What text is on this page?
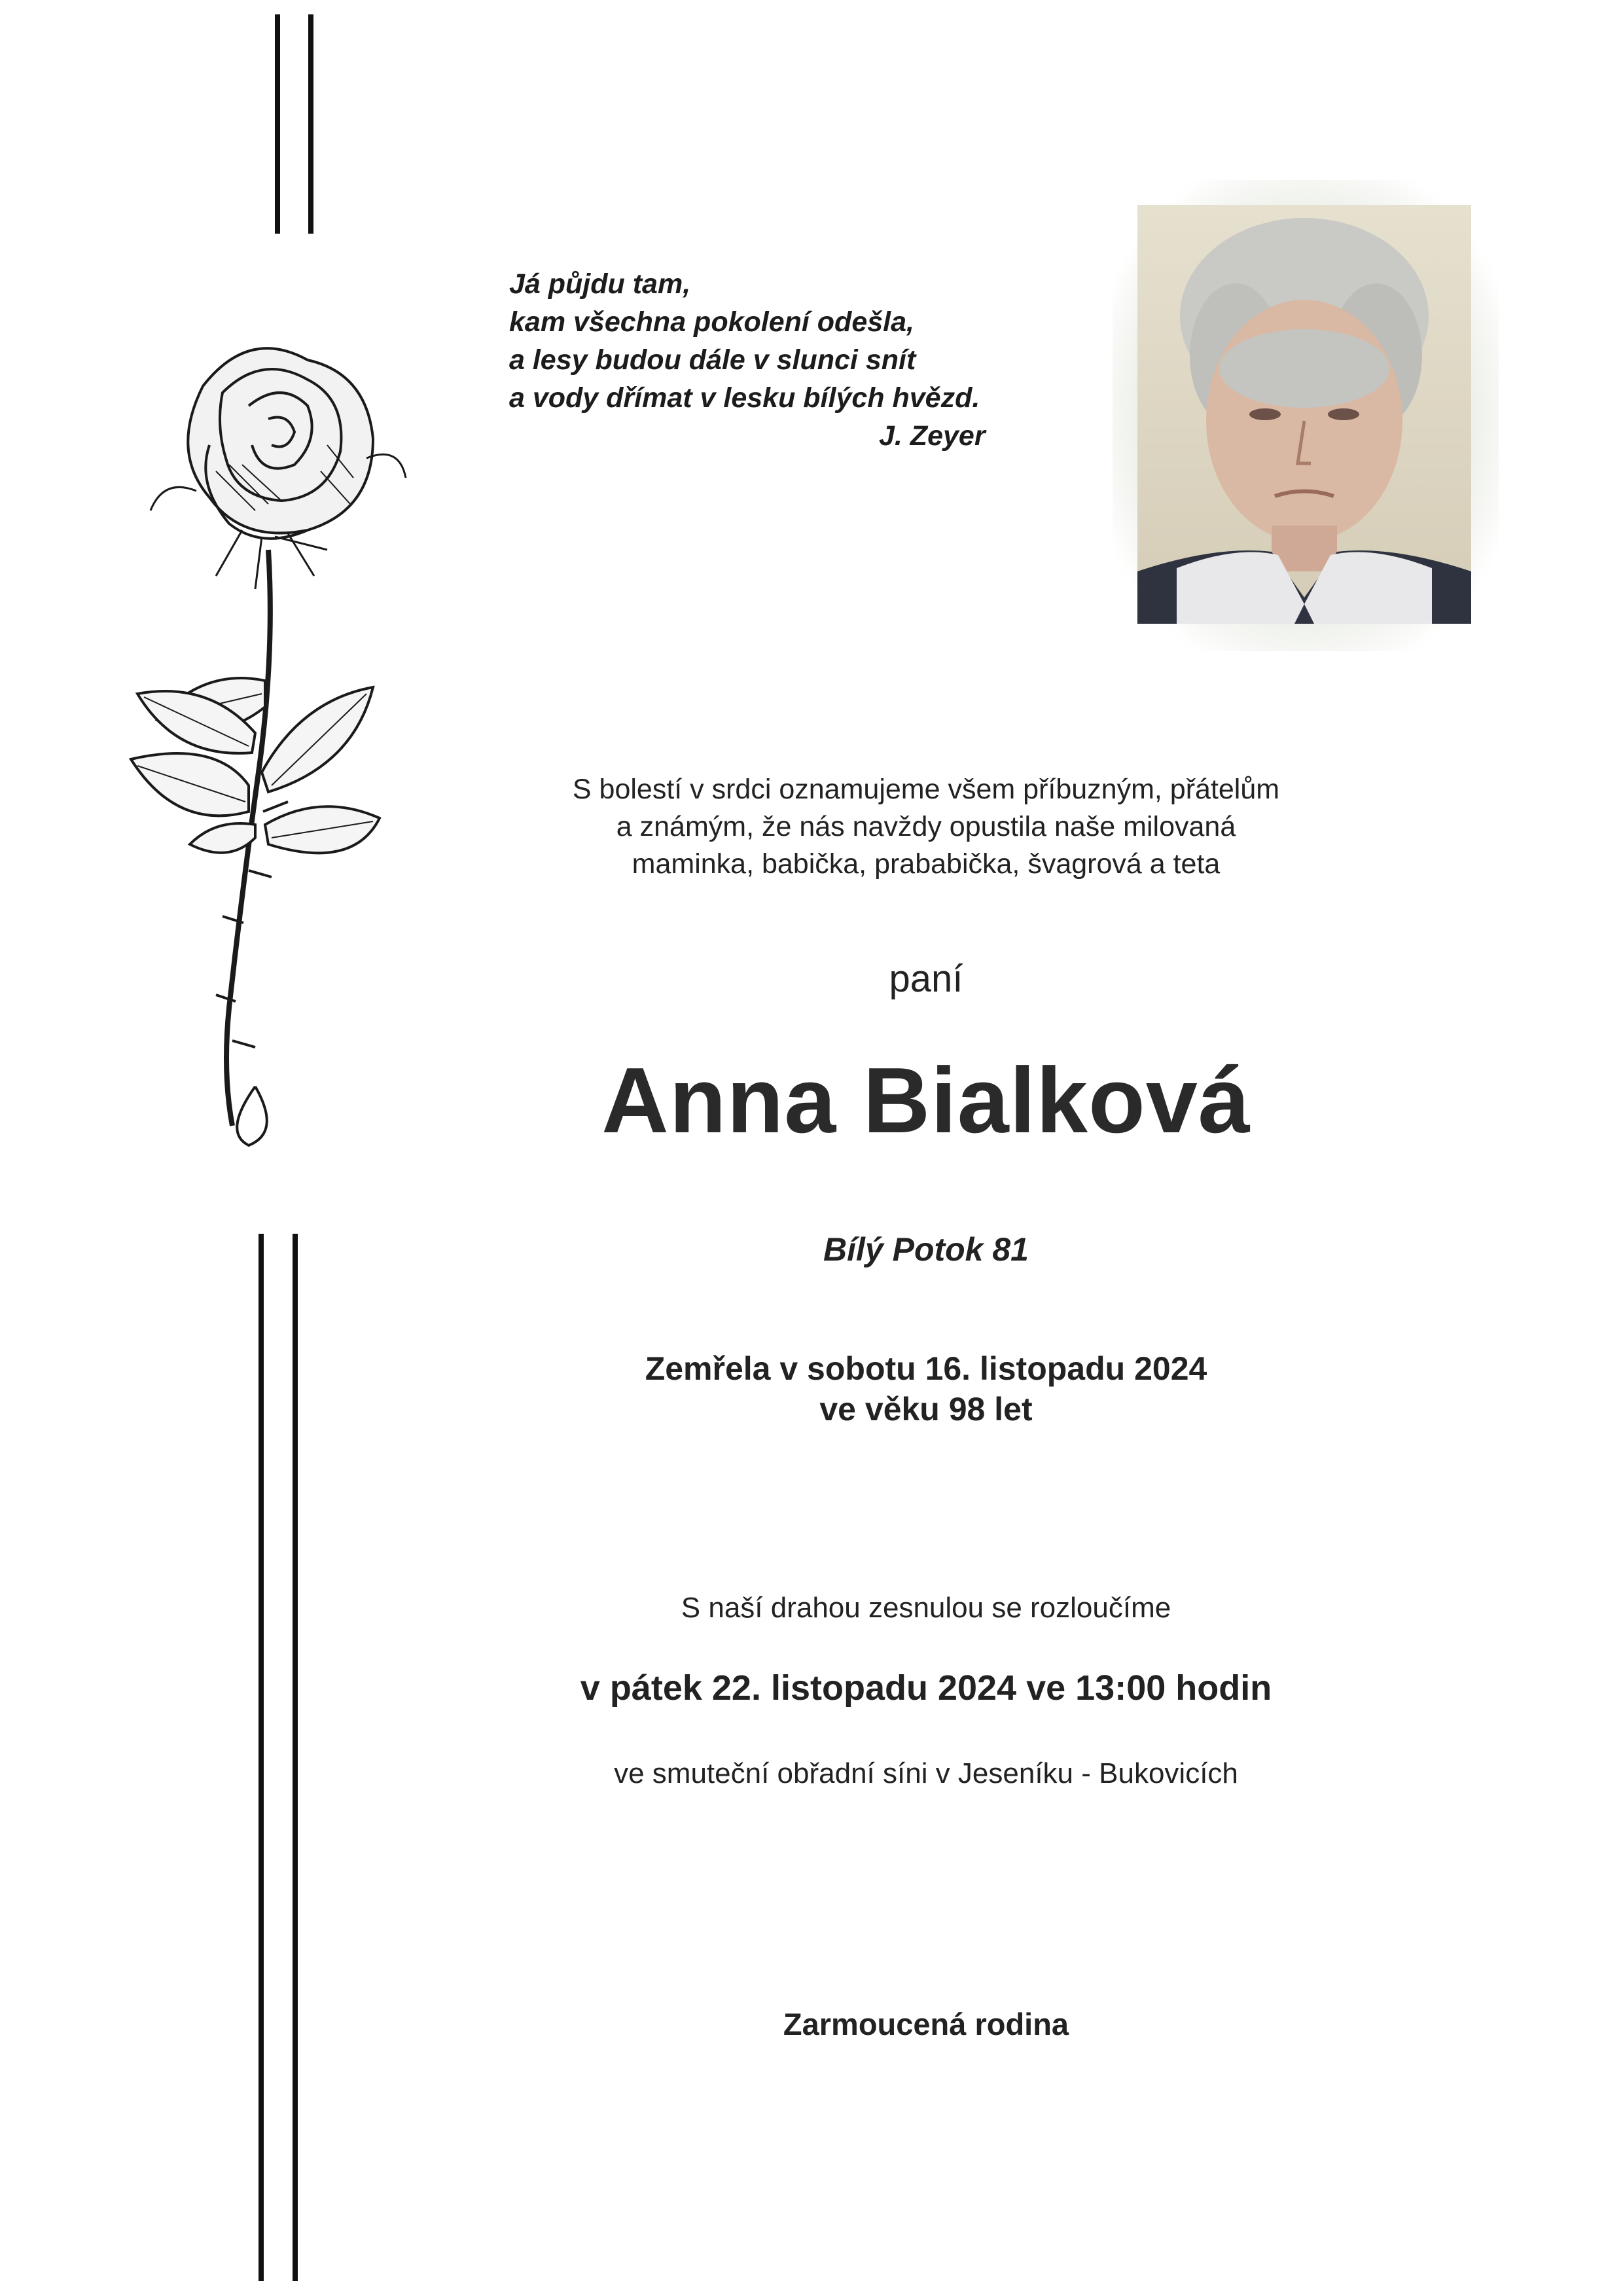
Já půjdu tam,
kam všechna pokolení odešla,
a lesy budou dále v slunci snít
a vody dřímat v lesku bílých hvězd.
J. Zeyer
S bolestí v srdci oznamujeme všem příbuzným, přátelům
a známým, že nás navždy opustila naše milovaná
maminka, babička, prababička, švagrová a teta
paní
Anna Bialková
Bílý Potok 81
Zemřela v sobotu 16. listopadu 2024
ve věku 98 let
S naší drahou zesnulou se rozloučíme
v pátek 22. listopadu 2024 ve 13:00 hodin
ve smuteční obřadní síni v Jeseníku - Bukovicích
Zarmoucená rodina
